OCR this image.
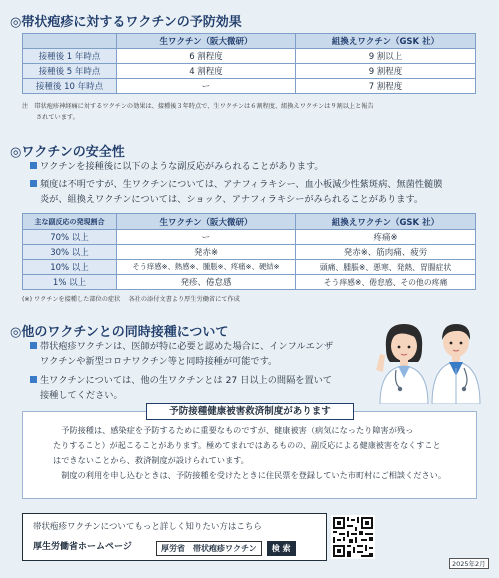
◎帯状疱疹に対するワクチンの予防効果
	生ワクチン（阪大微研）	組換えワクチン（GSK 社）
接種後 1 年時点	6 割程度	9 割以上
接種後 5 年時点	4 割程度	9 割程度
接種後 10 年時点	ー	7 割程度
注　帯状疱疹神経痛に対するワクチンの効果は、接種後３年時点で、生ワクチンは６割程度、組換えワクチンは９割以上と報告
されています。
◎ワクチンの安全性
ワクチンを接種後に以下のような副反応がみられることがあります。
頻度は不明ですが、生ワクチンについては、アナフィラキシー、血小板減少性紫斑病、無菌性髄膜
炎が、組換えワクチンについては、ショック、アナフィラキシーがみられることがあります。
主な副反応の発現割合	生ワクチン（阪大微研）	組換えワクチン（GSK 社）
70% 以上	ー	疼痛※
30% 以上	発赤※	発赤※、筋肉痛、疲労
10% 以上	そう痒感※、熱感※、腫脹※、疼痛※、硬結※	頭痛、腫脹※、悪寒、発熱、胃腸症状
1% 以上	発疹、倦怠感	そう痒感※、倦怠感、その他の疼痛
(※) ワクチンを接種した部位の症状　 各社の添付文書より厚生労働省にて作成
◎他のワクチンとの同時接種について
帯状疱疹ワクチンは、医師が特に必要と認めた場合に、インフルエンザ
ワクチンや新型コロナワクチン等と同時接種が可能です。
生ワクチンについては、他の生ワクチンとは 27 日以上の間隔を置いて
接種してください。

予防接種は、感染症を予防するために重要なものですが、健康被害（病気になったり障害が残っ

たりすること）が起こることがあります。極めてまれではあるものの、副反応による健康被害をなくすこと

はできないことから、救済制度が設けられています。

制度の利用を申し込むときは、予防接種を受けたときに住民票を登録していた市町村にご相談ください。

予防接種健康被害救済制度があります
帯状疱疹ワクチンについてもっと詳しく知りたい方はこちら
厚生労働省ホームページ	厚労省　帯状疱疹ワクチン 検 索
2025年2月
